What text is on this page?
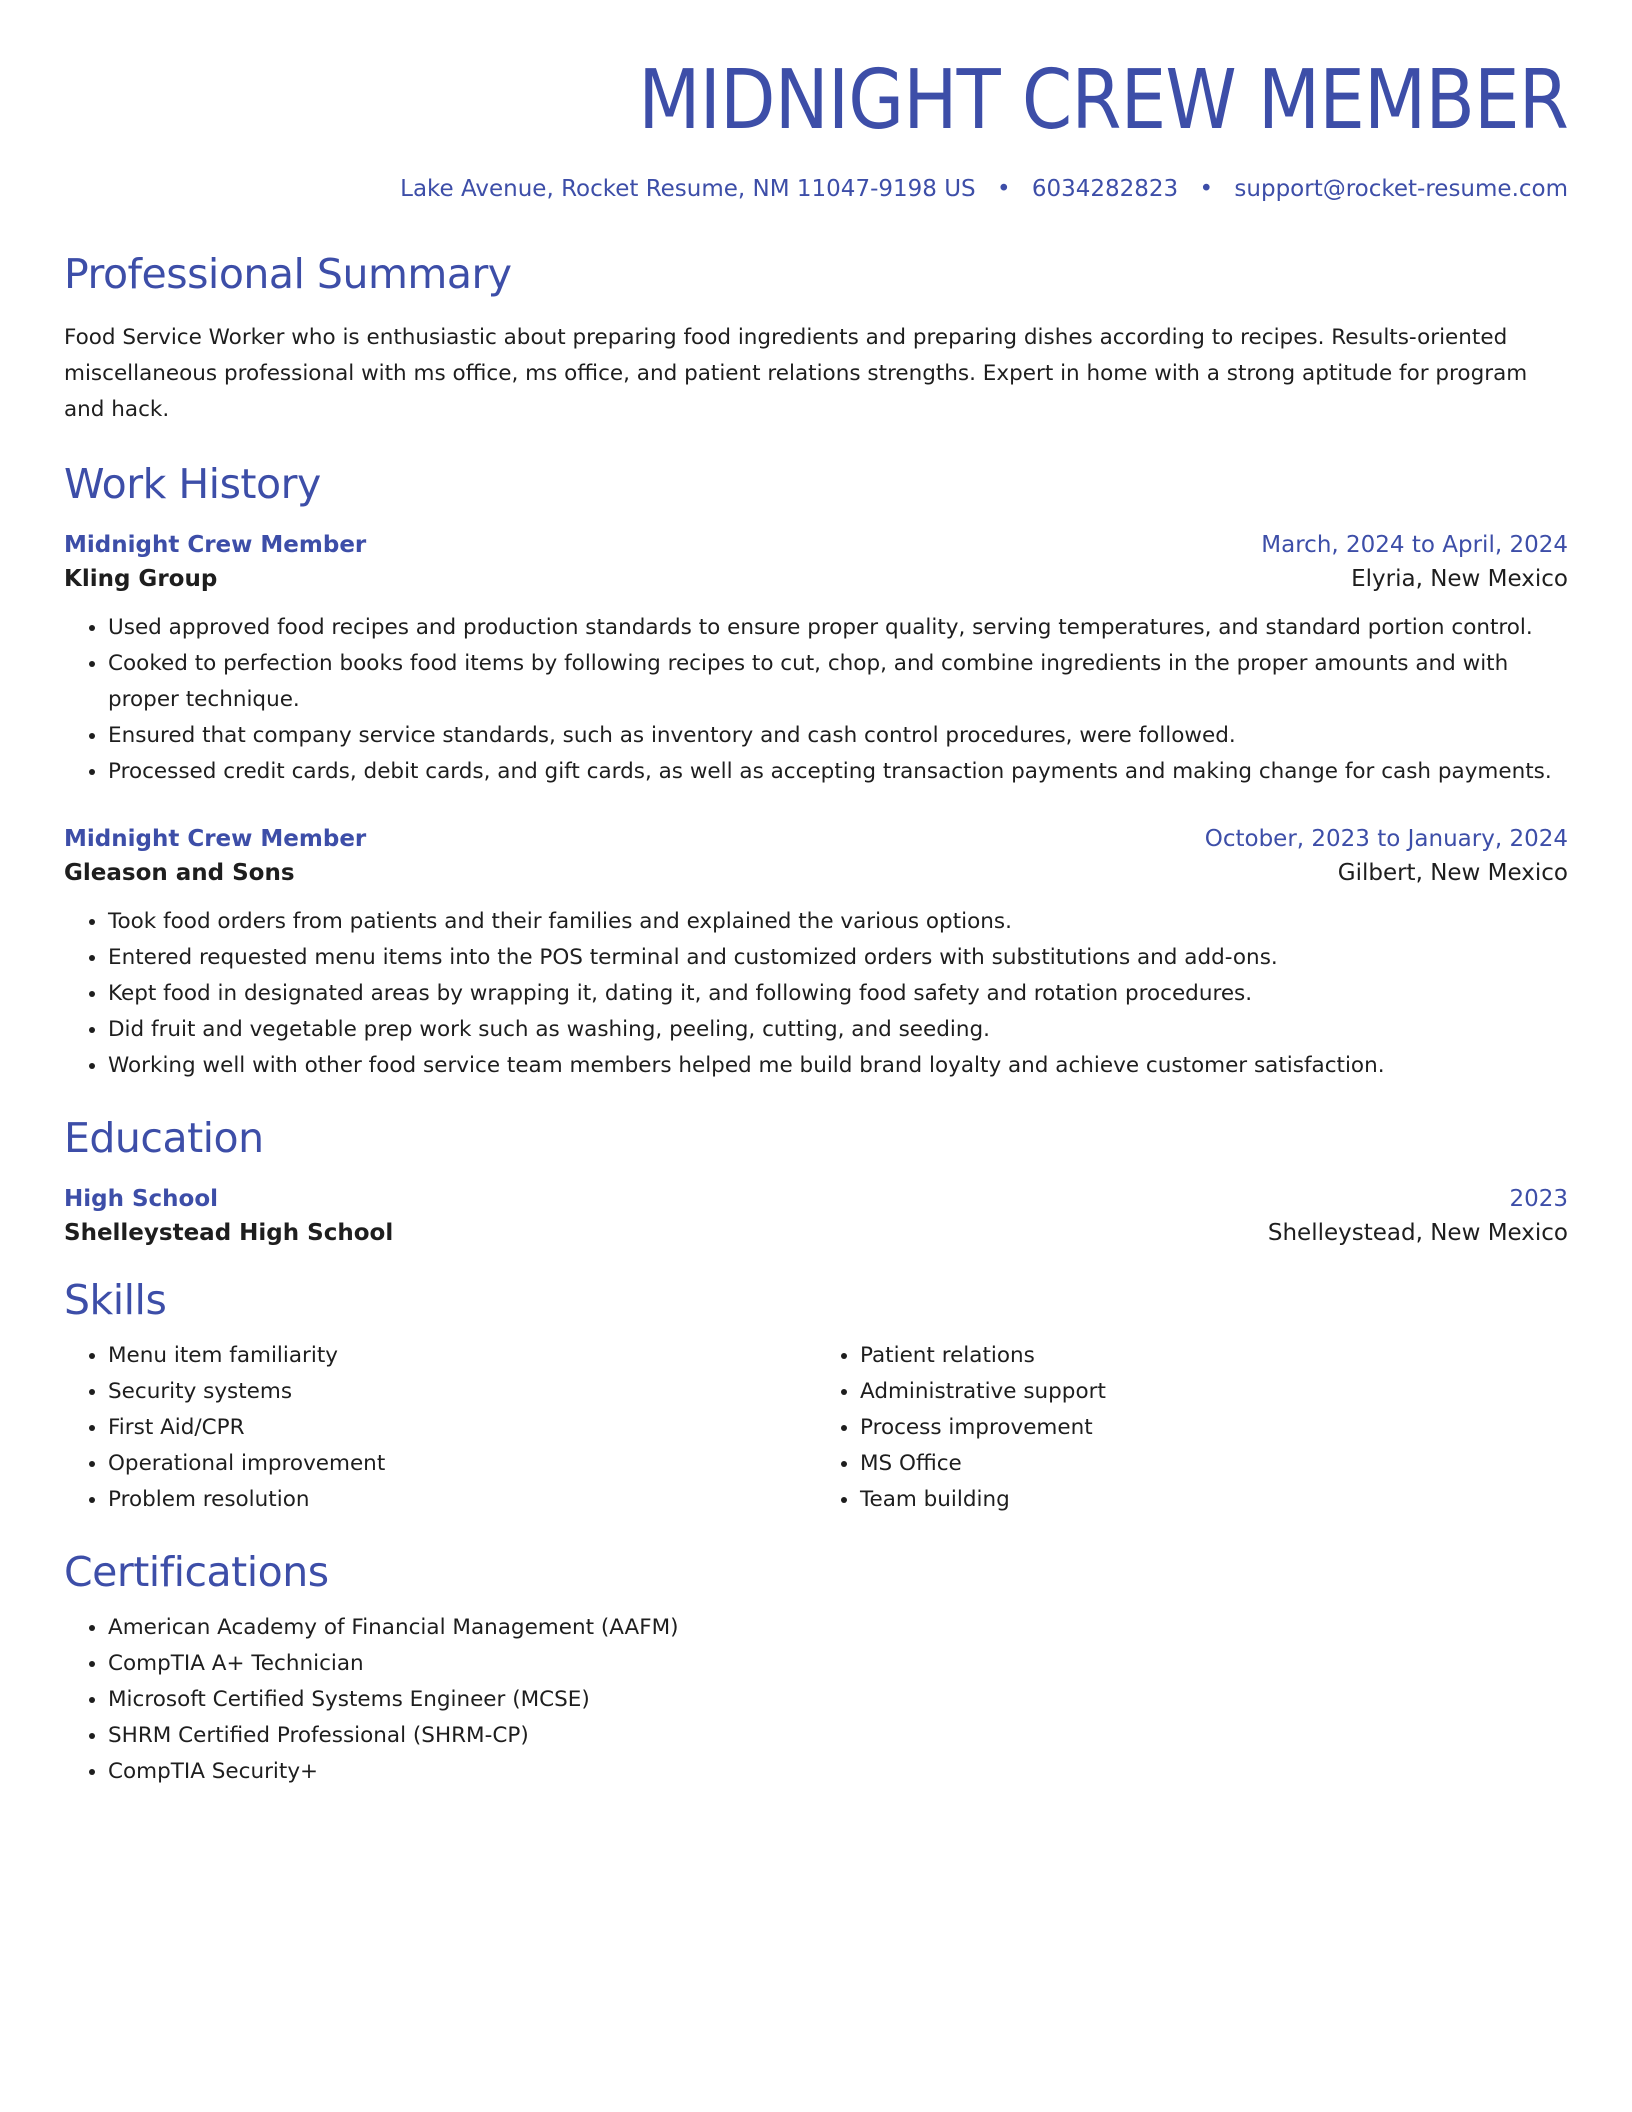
MIDNIGHT CREW MEMBER
Lake Avenue, Rocket Resume, NM 11047-9198 US • 6034282823 • support@rocket-resume.com
Professional Summary

Food Service Worker who is enthusiastic about preparing food ingredients and preparing dishes according to recipes. Results-oriented miscellaneous professional with ms office, ms office, and patient relations strengths. Expert in home with a strong aptitude for program and hack.

Work History
Midnight Crew Member	March, 2024 to April, 2024
Kling Group	Elyria, New Mexico
• Used approved food recipes and production standards to ensure proper quality, serving temperatures, and standard portion control.
• Cooked to perfection books food items by following recipes to cut, chop, and combine ingredients in the proper amounts and with proper technique.
• Ensured that company service standards, such as inventory and cash control procedures, were followed.
• Processed credit cards, debit cards, and gift cards, as well as accepting transaction payments and making change for cash payments.
Midnight Crew Member	October, 2023 to January, 2024
Gleason and Sons	Gilbert, New Mexico
• Took food orders from patients and their families and explained the various options.
• Entered requested menu items into the POS terminal and customized orders with substitutions and add-ons.
• Kept food in designated areas by wrapping it, dating it, and following food safety and rotation procedures.
• Did fruit and vegetable prep work such as washing, peeling, cutting, and seeding.
• Working well with other food service team members helped me build brand loyalty and achieve customer satisfaction.
Education
High School	2023
Shelleystead High School	Shelleystead, New Mexico
Skills
• Menu item familiarity
• Security systems
• First Aid/CPR
• Operational improvement
• Problem resolution
• Patient relations
• Administrative support
• Process improvement
• MS Office
• Team building
Certifications
• American Academy of Financial Management (AAFM)
• CompTIA A+ Technician
• Microsoft Certified Systems Engineer (MCSE)
• SHRM Certified Professional (SHRM-CP)
• CompTIA Security+
